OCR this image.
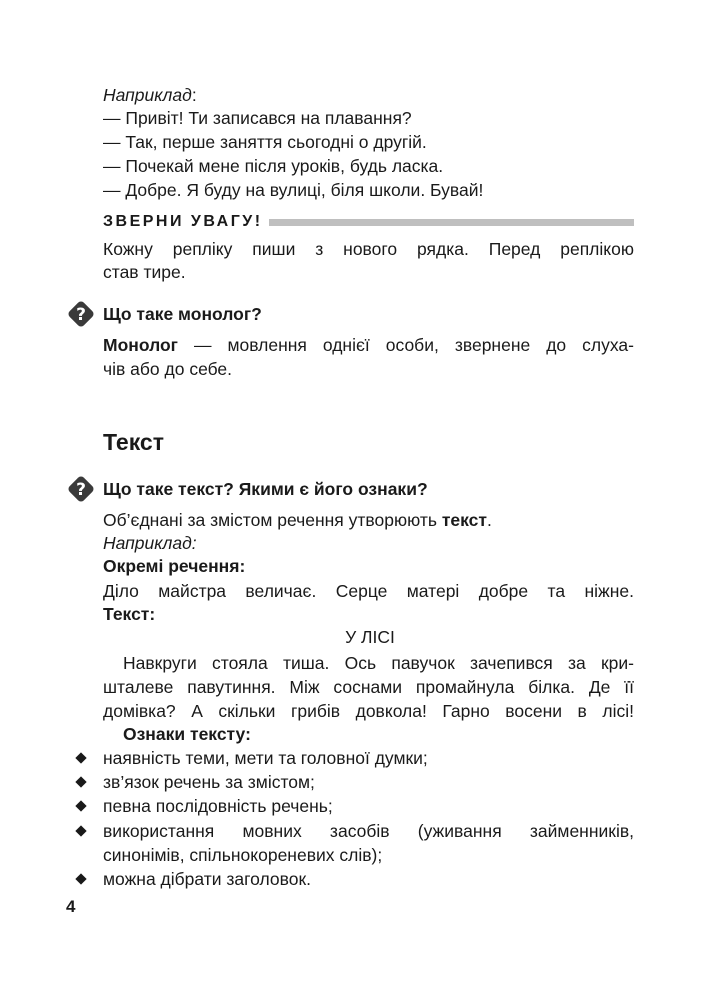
Наприклад:
— Привіт! Ти записався на плавання?
— Так, перше заняття сьогодні о другій.
— Почекай мене після уроків, будь ласка.
— Добре. Я буду на вулиці, біля школи. Бувай!
ЗВЕРНИ УВАГУ!
Кожну репліку пиши з нового рядка. Перед реплікою
став тире.
? Що таке монолог?
Монолог — мовлення однієї особи, звернене до слуха-
чів або до себе.
Текст
? Що таке текст? Якими є його ознаки?
Об’єднані за змістом речення утворюють текст.
Наприклад:
Окремі речення:
Діло майстра величає. Серце матері добре та ніжне.
Текст:
У ЛІСІ
Навкруги стояла тиша. Ось павучок зачепився за кри-
шталеве павутиння. Між соснами промайнула білка. Де її
домівка? А скільки грибів довкола! Гарно восени в лісі!
Ознаки тексту:
наявність теми, мети та головної думки;
зв’язок речень за змістом;
певна послідовність речень;
використання мовних засобів (уживання займенників,
синонімів, спільнокореневих слів);
можна дібрати заголовок.
4
